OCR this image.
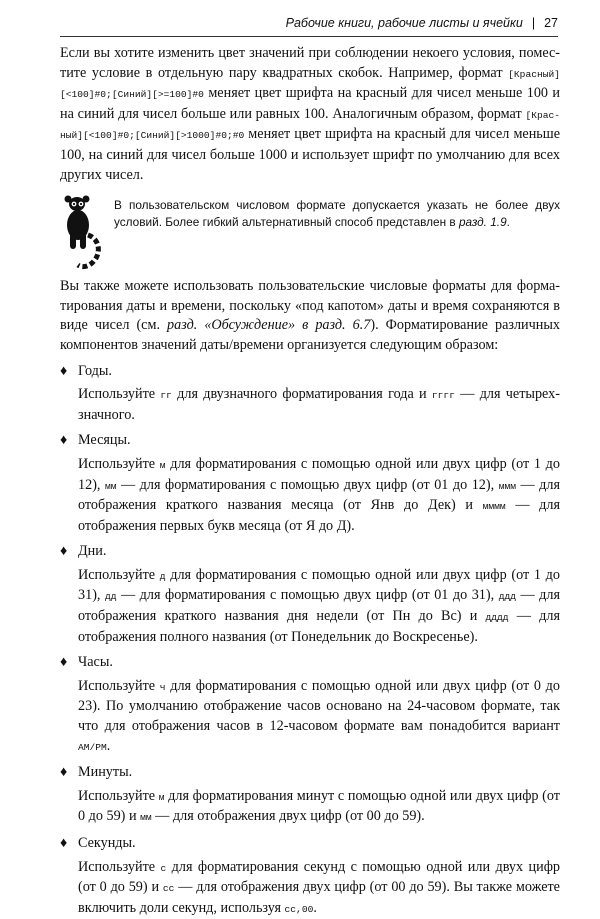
Рабочие книги, рабочие листы и ячейки | 27

Если вы хотите изменить цвет значений при соблюдении некоего условия, поместите условие в отдельную пару квадратных скобок. Например, формат [Красный][<100]#0;[Синий][>=100]#0 меняет цвет шрифта на красный для чисел меньше 100 и на синий для чисел больше или равных 100. Аналогичным образом, формат [Красный][<100]#0;[Синий][>1000]#0;#0 меняет цвет шрифта на красный для чисел меньше 100, на синий для чисел больше 1000 и использует шрифт по умолчанию для всех других чисел.

В пользовательском числовом формате допускается указать не более двух условий. Более гибкий альтернативный способ представлен в разд. 1.9.

Вы также можете использовать пользовательские числовые форматы для форматирования даты и времени, поскольку «под капотом» даты и время сохраняются в виде чисел (см. разд. «Обсуждение» в разд. 6.7). Форматирование различных компонентов значений даты/времени организуется следующим образом:

♦ Годы.

Используйте гг для двузначного форматирования года и гггг — для четырехзначного.

♦ Месяцы.

Используйте м для форматирования с помощью одной или двух цифр (от 1 до 12), мм — для форматирования с помощью двух цифр (от 01 до 12), ммм — для отображения краткого названия месяца (от Янв до Дек) и мммм — для отображения первых букв месяца (от Я до Д).

♦ Дни.

Используйте д для форматирования с помощью одной или двух цифр (от 1 до 31), дд — для форматирования с помощью двух цифр (от 01 до 31), ддд — для отображения краткого названия дня недели (от Пн до Вс) и дддд — для отображения полного названия (от Понедельник до Воскресенье).

♦ Часы.

Используйте ч для форматирования с помощью одной или двух цифр (от 0 до 23). По умолчанию отображение часов основано на 24-часовом формате, так что для отображения часов в 12-часовом формате вам понадобится вариант AM/PM.

♦ Минуты.

Используйте м для форматирования минут с помощью одной или двух цифр (от 0 до 59) и мм — для отображения двух цифр (от 00 до 59).

♦ Секунды.

Используйте с для форматирования секунд с помощью одной или двух цифр (от 0 до 59) и сс — для отображения двух цифр (от 00 до 59). Вы также можете включить доли секунд, используя сс,00.
